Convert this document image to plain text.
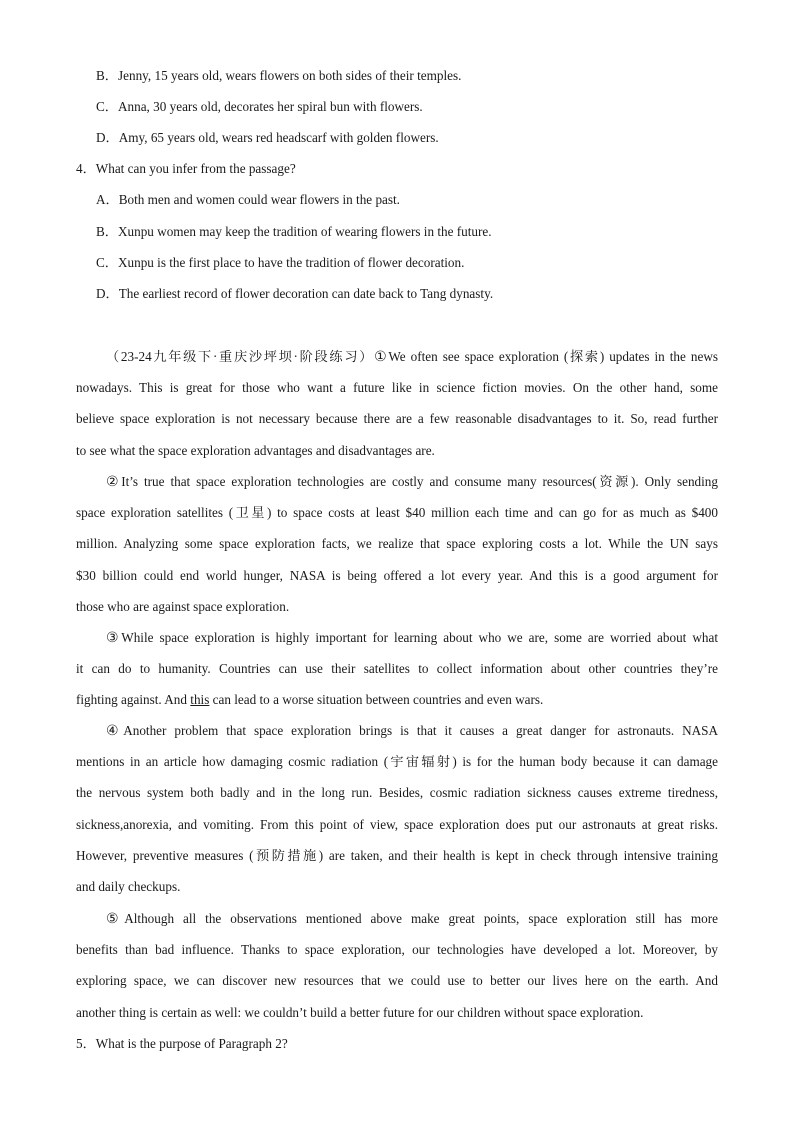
B．Jenny, 15 years old, wears flowers on both sides of their temples.
C．Anna, 30 years old, decorates her spiral bun with flowers.
D．Amy, 65 years old, wears red headscarf with golden flowers.
4．What can you infer from the passage?
A．Both men and women could wear flowers in the past.
B．Xunpu women may keep the tradition of wearing flowers in the future.
C．Xunpu is the first place to have the tradition of flower decoration.
D．The earliest record of flower decoration can date back to Tang dynasty.
（23-24九年级下·重庆沙坪坝·阶段练习）①We often see space exploration (探索) updates in the news
nowadays. This is great for those who want a future like in science fiction movies. On the other hand, some
believe space exploration is not necessary because there are a few reasonable disadvantages to it. So, read further
to see what the space exploration advantages and disadvantages are.
②It’s true that space exploration technologies are costly and consume many resources(资源). Only sending
space exploration satellites (卫星) to space costs at least $40 million each time and can go for as much as $400
million. Analyzing some space exploration facts, we realize that space exploring costs a lot. While the UN says
$30 billion could end world hunger, NASA is being offered a lot every year. And this is a good argument for
those who are against space exploration.
③While space exploration is highly important for learning about who we are, some are worried about what
it can do to humanity. Countries can use their satellites to collect information about other countries they’re
fighting against. And this can lead to a worse situation between countries and even wars.
④Another problem that space exploration brings is that it causes a great danger for astronauts. NASA
mentions in an article how damaging cosmic radiation (宇宙辐射) is for the human body because it can damage
the nervous system both badly and in the long run. Besides, cosmic radiation sickness causes extreme tiredness,
sickness,anorexia, and vomiting. From this point of view, space exploration does put our astronauts at great risks.
However, preventive measures (预防措施) are taken, and their health is kept in check through intensive training
and daily checkups.
⑤Although all the observations mentioned above make great points, space exploration still has more
benefits than bad influence. Thanks to space exploration, our technologies have developed a lot. Moreover, by
exploring space, we can discover new resources that we could use to better our lives here on the earth. And
another thing is certain as well: we couldn’t build a better future for our children without space exploration.
5．What is the purpose of Paragraph 2?
